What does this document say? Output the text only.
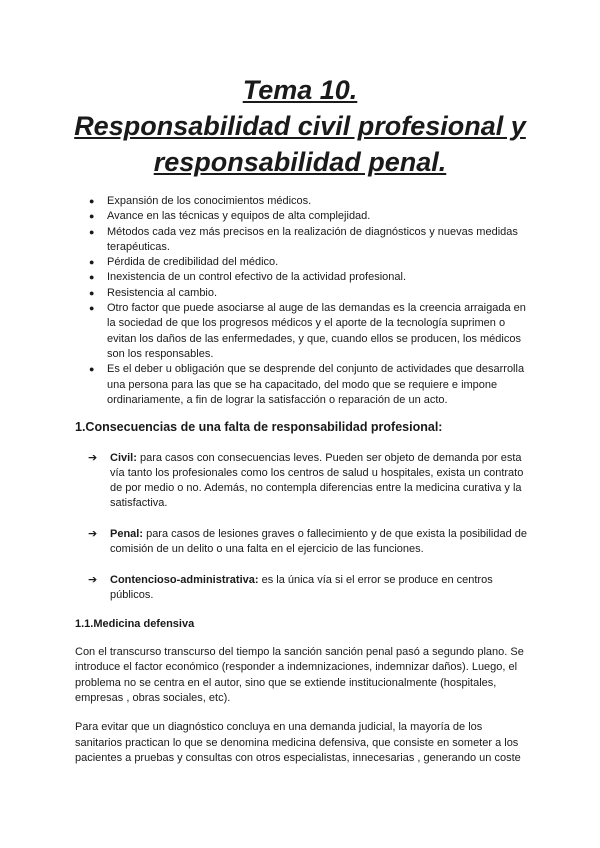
Tema 10.
Responsabilidad civil profesional y
responsabilidad penal.
● Expansión de los conocimientos médicos.
● Avance en las técnicas y equipos de alta complejidad.
● Métodos cada vez más precisos en la realización de diagnósticos y nuevas medidas terapéuticas.
● Pérdida de credibilidad del médico.
● Inexistencia de un control efectivo de la actividad profesional.
● Resistencia al cambio.
● Otro factor que puede asociarse al auge de las demandas es la creencia arraigada en la sociedad de que los progresos médicos y el aporte de la tecnología suprimen o evitan los daños de las enfermedades, y que, cuando ellos se producen, los médicos son los responsables.
● Es el deber u obligación que se desprende del conjunto de actividades que desarrolla una persona para las que se ha capacitado, del modo que se requiere e impone ordinariamente, a fin de lograr la satisfacción o reparación de un acto.
1.Consecuencias de una falta de responsabilidad profesional:
➔ Civil: para casos con consecuencias leves. Pueden ser objeto de demanda por esta vía tanto los profesionales como los centros de salud u hospitales, exista un contrato de por medio o no. Además, no contempla diferencias entre la medicina curativa y la satisfactiva.
➔ Penal: para casos de lesiones graves o fallecimiento y de que exista la posibilidad de comisión de un delito o una falta en el ejercicio de las funciones.
➔ Contencioso-administrativa: es la única vía si el error se produce en centros públicos.
1.1.Medicina defensiva

Con el transcurso transcurso del tiempo la sanción sanción penal pasó a segundo plano. Se introduce el factor económico (responder a indemnizaciones, indemnizar daños). Luego, el problema no se centra en el autor, sino que se extiende institucionalmente (hospitales, empresas , obras sociales, etc).

Para evitar que un diagnóstico concluya en una demanda judicial, la mayoría de los sanitarios practican lo que se denomina medicina defensiva, que consiste en someter a los pacientes a pruebas y consultas con otros especialistas, innecesarias , generando un coste
